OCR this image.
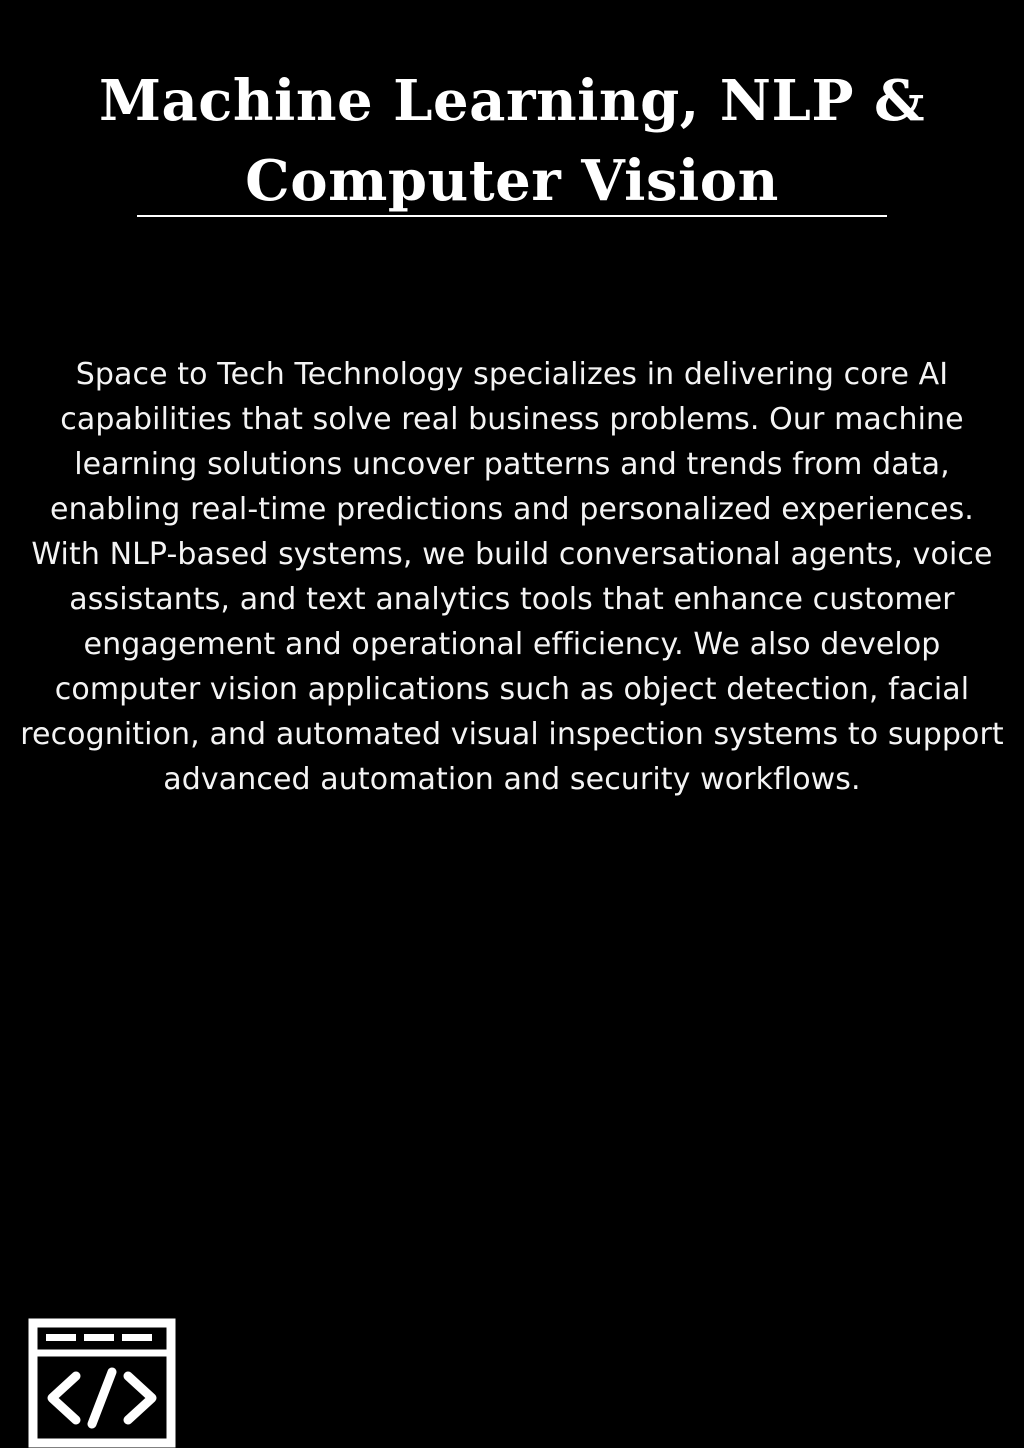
Machine Learning, NLP & Computer Vision

Space to Tech Technology specializes in delivering core AI capabilities that solve real business problems. Our machine learning solutions uncover patterns and trends from data, enabling real-time predictions and personalized experiences. With NLP-based systems, we build conversational agents, voice assistants, and text analytics tools that enhance customer engagement and operational efficiency. We also develop computer vision applications such as object detection, facial recognition, and automated visual inspection systems to support advanced automation and security workflows.
